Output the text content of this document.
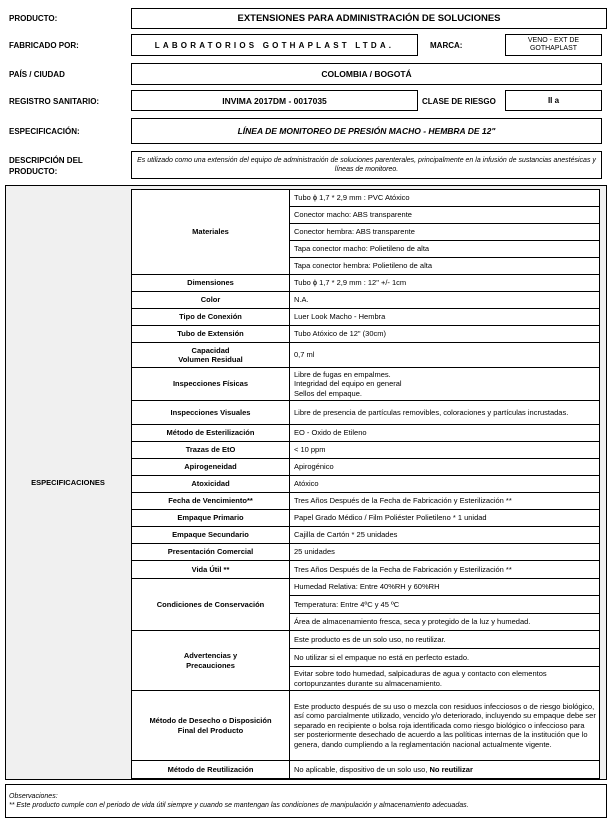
PRODUCTO:	EXTENSIONES PARA ADMINISTRACIÓN DE SOLUCIONES
FABRICADO POR:	LABORATORIOS GOTHAPLAST LTDA.	MARCA:
VENO - EXT DE
GOTHAPLAST
PAÍS / CIUDAD	COLOMBIA / BOGOTÁ
REGISTRO SANITARIO:	INVIMA 2017DM - 0017035	CLASE DE RIESGO	II a
ESPECIFICACIÓN:	LÍNEA DE MONITOREO DE PRESIÓN MACHO - HEMBRA DE 12"
DESCRIPCIÓN DEL
PRODUCTO:
Es utilizado como una extensión del equipo de administración de soluciones parenterales, principalmente en la infusión de sustancias anestésicas y líneas de monitoreo.
ESPECIFICACIONES
Materiales	Tubo ɸ 1,7 * 2,9 mm : PVC Atóxico
	Conector macho: ABS transparente
	Conector hembra: ABS transparente
	Tapa conector macho: Polietileno de alta
	Tapa conector hembra: Polietileno de alta
Dimensiones	Tubo ɸ 1,7 * 2,9 mm : 12" +/- 1cm
Color	N.A.
Tipo de Conexión	Luer Look Macho - Hembra
Tubo de Extensión	Tubo Atóxico de 12" (30cm)

Capacidad
Volumen Residual	0,7 ml
Inspecciones Físicas	Libre de fugas en empalmes.
Integridad del equipo en general
Sellos del empaque.

Inspecciones Visuales	Libre de presencia de partículas removibles, coloraciones y partículas incrustadas.
Método de Esterilización	EO - Oxido de Etileno
Trazas de EtO	< 10 ppm
Apirogeneidad	Apirogénico
Atoxicidad	Atóxico
Fecha de Vencimiento**	Tres Años Después de la Fecha de Fabricación y Esterilización **
Empaque Primario	Papel Grado Médico / Film Poliéster Polietileno * 1 unidad
Empaque Secundario	Cajilla de Cartón * 25 unidades
Presentación Comercial	25 unidades
Vida Útil **	Tres Años Después de la Fecha de Fabricación y Esterilización **
Condiciones de Conservación	Humedad Relativa: Entre 40%RH y 60%RH
	Temperatura: Entre 4ºC y 45 ºC
	Área de almacenamiento fresca, seca y protegido de la luz y humedad.

Advertencias y
Precauciones	Este producto es de un solo uso, no reutilizar.
	No utilizar si el empaque no está en perfecto estado.
	Evitar sobre todo humedad, salpicaduras de agua y contacto con elementos cortopunzantes durante su almacenamiento.

Método de Desecho o Disposición
Final del Producto	Este producto después de su uso o mezcla con residuos infecciosos o de riesgo biológico, así como parcialmente utilizado, vencido y/o deteriorado, incluyendo su empaque debe ser separado en recipiente o bolsa roja identificada como riesgo biológico o infeccioso para ser posteriormente desechado de acuerdo a las políticas internas de la institución que lo genera, dando cumpliendo a la reglamentación nacional actualmente vigente.
Método de Reutilización	No aplicable, dispositivo de un solo uso, No reutilizar
Observaciones:
** Este producto cumple con el periodo de vida útil siempre y cuando se mantengan las condiciones de manipulación y almacenamiento adecuadas.
